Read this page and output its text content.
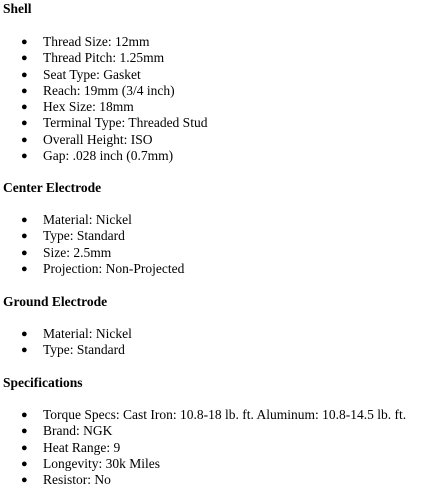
Shell
● Thread Size: 12mm
● Thread Pitch: 1.25mm
● Seat Type: Gasket
● Reach: 19mm (3/4 inch)
● Hex Size: 18mm
● Terminal Type: Threaded Stud
● Overall Height: ISO
● Gap: .028 inch (0.7mm)
Center Electrode
● Material: Nickel
● Type: Standard
● Size: 2.5mm
● Projection: Non-Projected
Ground Electrode
● Material: Nickel
● Type: Standard
Specifications
● Torque Specs: Cast Iron: 10.8-18 lb. ft. Aluminum: 10.8-14.5 lb. ft.
● Brand: NGK
● Heat Range: 9
● Longevity: 30k Miles
● Resistor: No
